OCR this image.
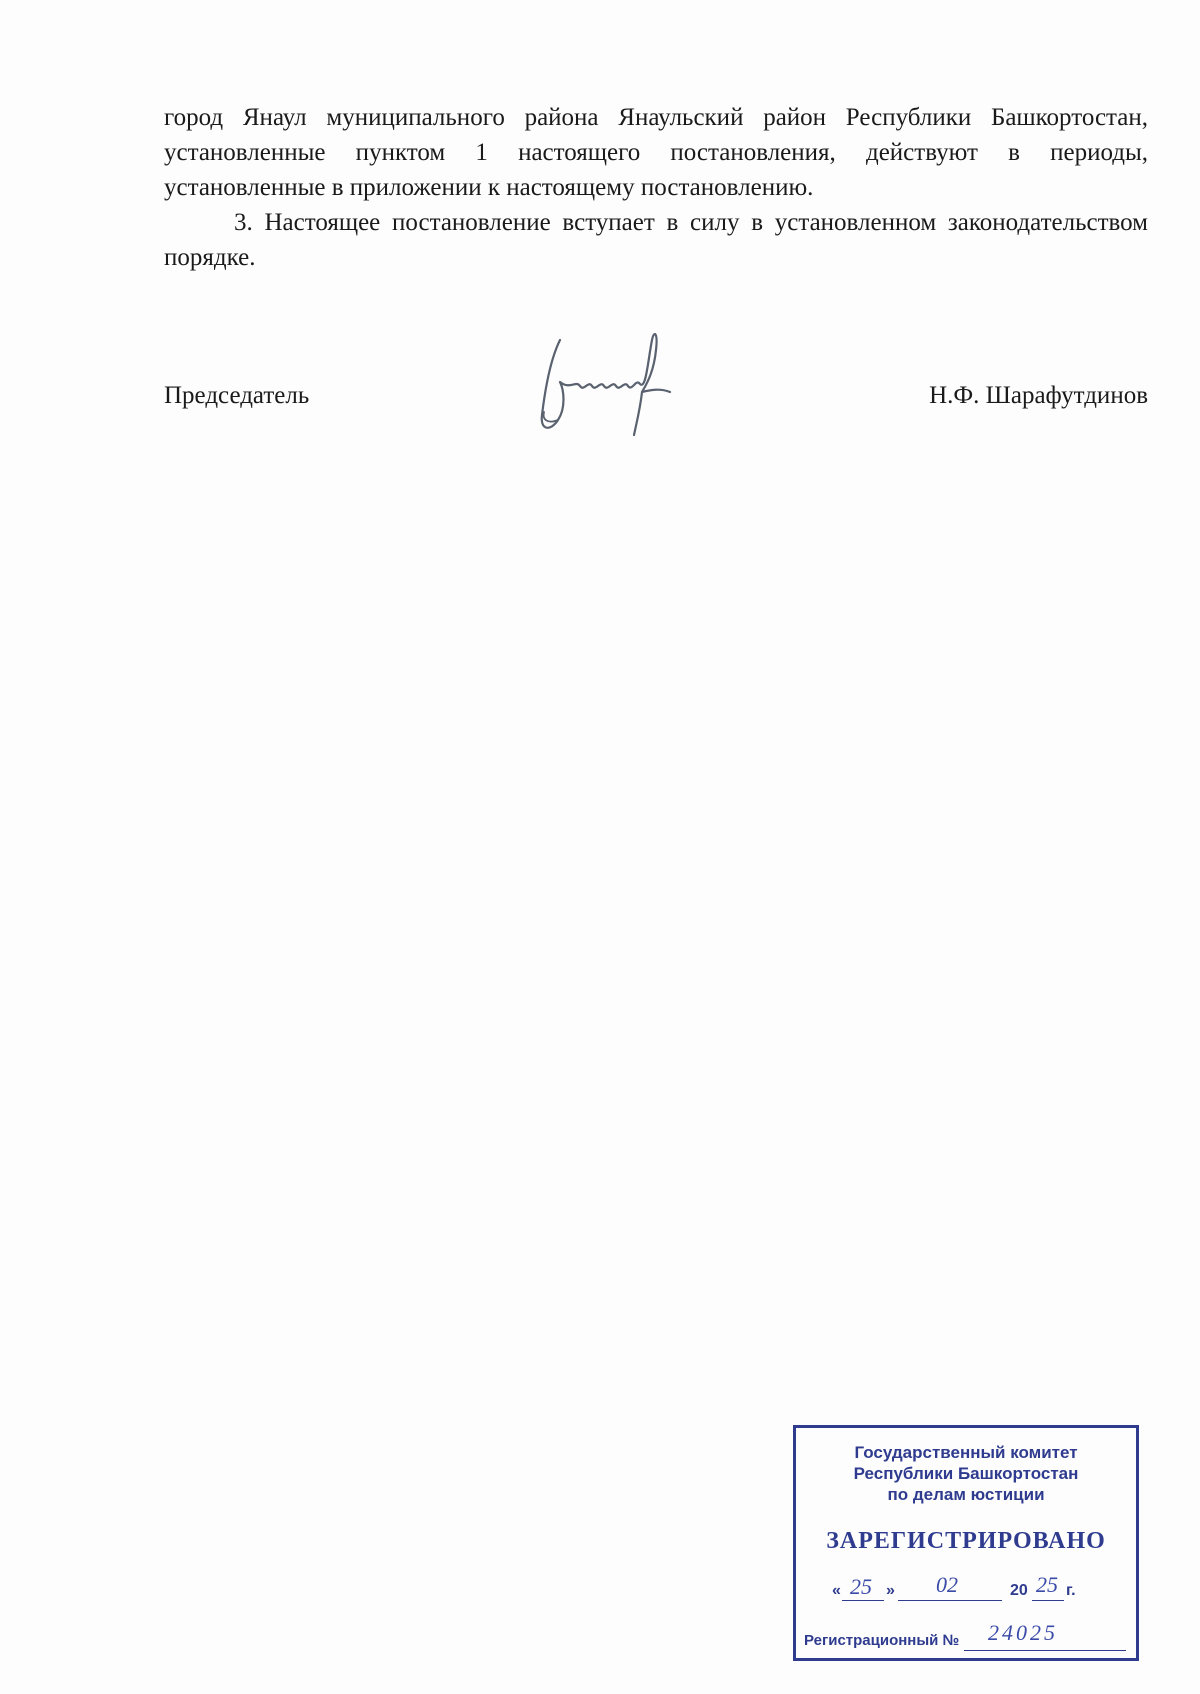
город Янаул муниципального района Янаульский район Республики Башкортостан, установленные пунктом 1 настоящего постановления, действуют в периоды, установленные в приложении к настоящему постановлению.

3. Настоящее постановление вступает в силу в установленном законодательством порядке.

Председатель	Н.Ф. Шарафутдинов
Государственный комитет
Республики Башкортостан
по делам юстиции
ЗАРЕГИСТРИРОВАНО
« 25 » 02	20 25 г.
Регистрационный № 24025
